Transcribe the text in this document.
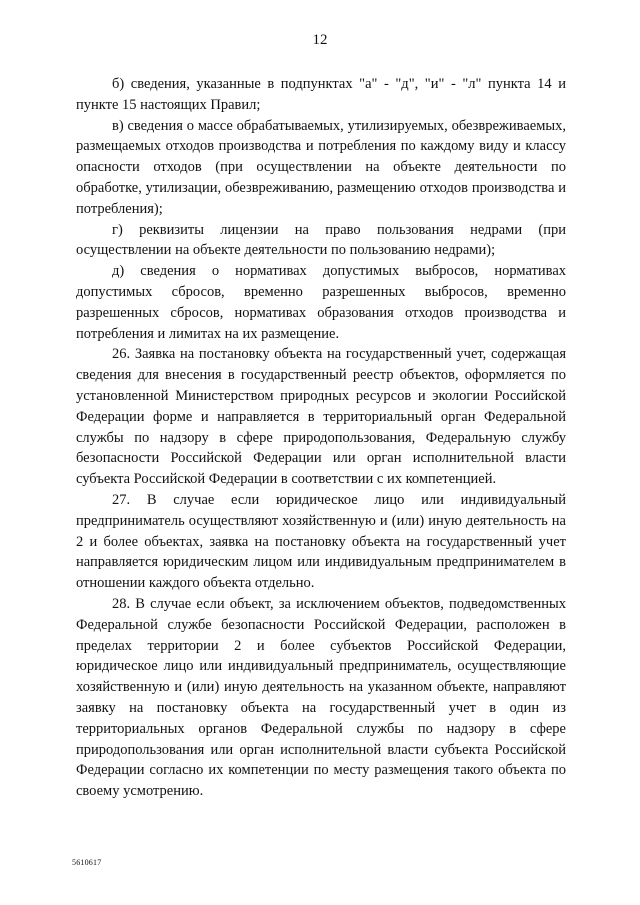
12

б) сведения, указанные в подпунктах "а" - "д", "и" - "л" пункта 14 и пункте 15 настоящих Правил;

в) сведения о массе обрабатываемых, утилизируемых, обезвреживаемых, размещаемых отходов производства и потребления по каждому виду и классу опасности отходов (при осуществлении на объекте деятельности по обработке, утилизации, обезвреживанию, размещению отходов производства и потребления);

г) реквизиты лицензии на право пользования недрами (при осуществлении на объекте деятельности по пользованию недрами);

д) сведения о нормативах допустимых выбросов, нормативах допустимых сбросов, временно разрешенных выбросов, временно разрешенных сбросов, нормативах образования отходов производства и потребления и лимитах на их размещение.

26. Заявка на постановку объекта на государственный учет, содержащая сведения для внесения в государственный реестр объектов, оформляется по установленной Министерством природных ресурсов и экологии Российской Федерации форме и направляется в территориальный орган Федеральной службы по надзору в сфере природопользования, Федеральную службу безопасности Российской Федерации или орган исполнительной власти субъекта Российской Федерации в соответствии с их компетенцией.

27. В случае если юридическое лицо или индивидуальный предприниматель осуществляют хозяйственную и (или) иную деятельность на 2 и более объектах, заявка на постановку объекта на государственный учет направляется юридическим лицом или индивидуальным предпринимателем в отношении каждого объекта отдельно.

28. В случае если объект, за исключением объектов, подведомственных Федеральной службе безопасности Российской Федерации, расположен в пределах территории 2 и более субъектов Российской Федерации, юридическое лицо или индивидуальный предприниматель, осуществляющие хозяйственную и (или) иную деятельность на указанном объекте, направляют заявку на постановку объекта на государственный учет в один из территориальных органов Федеральной службы по надзору в сфере природопользования или орган исполнительной власти субъекта Российской Федерации согласно их компетенции по месту размещения такого объекта по своему усмотрению.

5610617
